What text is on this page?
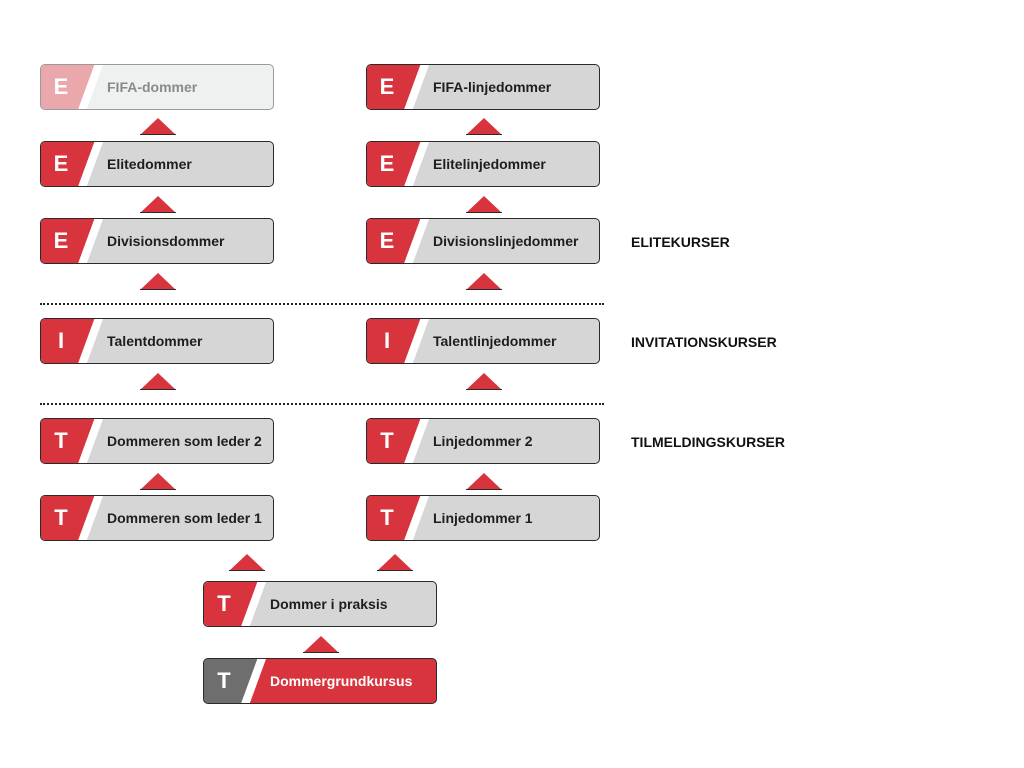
E	FIFA-dommer
E	Elitedommer
E	Divisionsdommer
I	Talentdommer
T	Dommeren som leder 2
T	Dommeren som leder 1
E	FIFA-linjedommer
E	Elitelinjedommer
E	Divisionslinjedommer
I	Talentlinjedommer
T	Linjedommer 2
T	Linjedommer 1
T	Dommer i praksis
T	Dommergrundkursus
ELITEKURSER
INVITATIONSKURSER
TILMELDINGSKURSER
